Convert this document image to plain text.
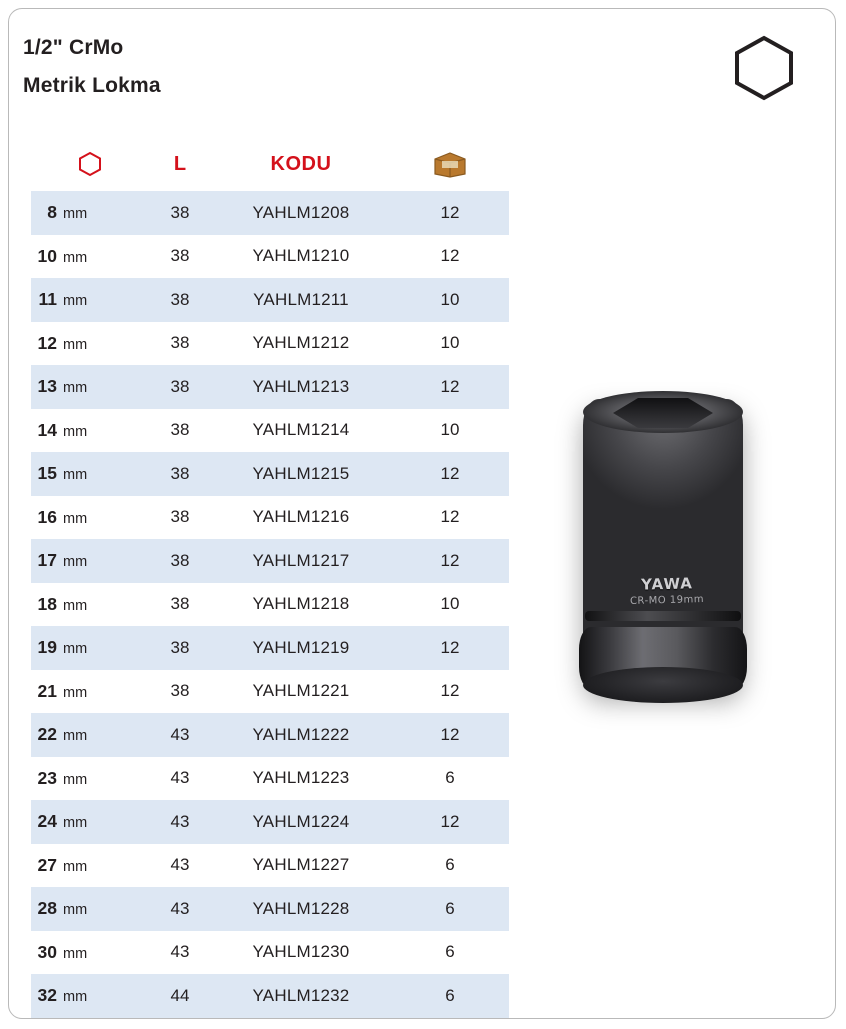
1/2" CrMo
Metrik Lokma
	L	KODU	
8 mm	38	YAHLM1208	12
10 mm	38	YAHLM1210	12
11 mm	38	YAHLM1211	10
12 mm	38	YAHLM1212	10
13 mm	38	YAHLM1213	12
14 mm	38	YAHLM1214	10
15 mm	38	YAHLM1215	12
16 mm	38	YAHLM1216	12
17 mm	38	YAHLM1217	12
18 mm	38	YAHLM1218	10
19 mm	38	YAHLM1219	12
21 mm	38	YAHLM1221	12
22 mm	43	YAHLM1222	12
23 mm	43	YAHLM1223	6
24 mm	43	YAHLM1224	12
27 mm	43	YAHLM1227	6
28 mm	43	YAHLM1228	6
30 mm	43	YAHLM1230	6
32 mm	44	YAHLM1232	6
YAWA
CR-MO 19mm
